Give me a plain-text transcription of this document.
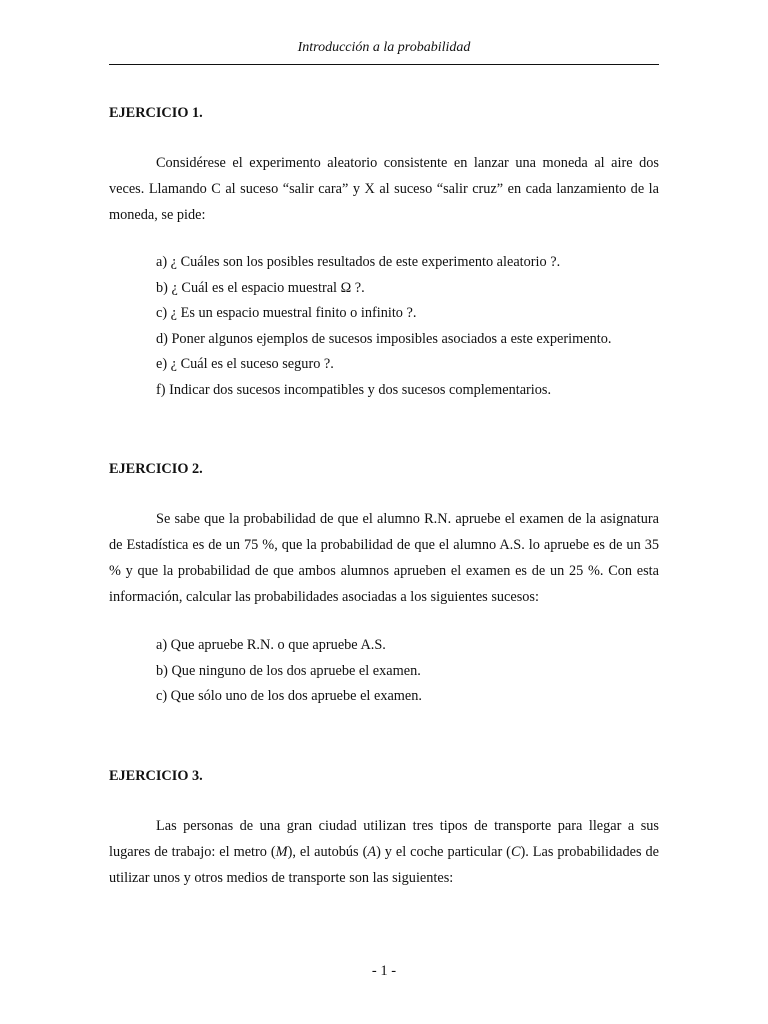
Introducción a la probabilidad

EJERCICIO 1.

Considérese el experimento aleatorio consistente en lanzar una moneda al aire dos veces. Llamando C al suceso “salir cara” y X al suceso “salir cruz” en cada lanzamiento de la moneda, se pide:

a) ¿ Cuáles son los posibles resultados de este experimento aleatorio ?.
b) ¿ Cuál es el espacio muestral Ω ?.
c) ¿ Es un espacio muestral finito o infinito ?.
d) Poner algunos ejemplos de sucesos imposibles asociados a este experimento.
e) ¿ Cuál es el suceso seguro ?.
f) Indicar dos sucesos incompatibles y dos sucesos complementarios.

EJERCICIO 2.

Se sabe que la probabilidad de que el alumno R.N. apruebe el examen de la asignatura de Estadística es de un 75 %, que la probabilidad de que el alumno A.S. lo apruebe es de un 35 % y que la probabilidad de que ambos alumnos aprueben el examen es de un 25 %. Con esta información, calcular las probabilidades asociadas a los siguientes sucesos:

a) Que apruebe R.N. o que apruebe A.S.
b) Que ninguno de los dos apruebe el examen.
c) Que sólo uno de los dos apruebe el examen.

EJERCICIO 3.

Las personas de una gran ciudad utilizan tres tipos de transporte para llegar a sus lugares de trabajo: el metro (M), el autobús (A) y el coche particular (C). Las probabilidades de utilizar unos y otros medios de transporte son las siguientes:

- 1 -
